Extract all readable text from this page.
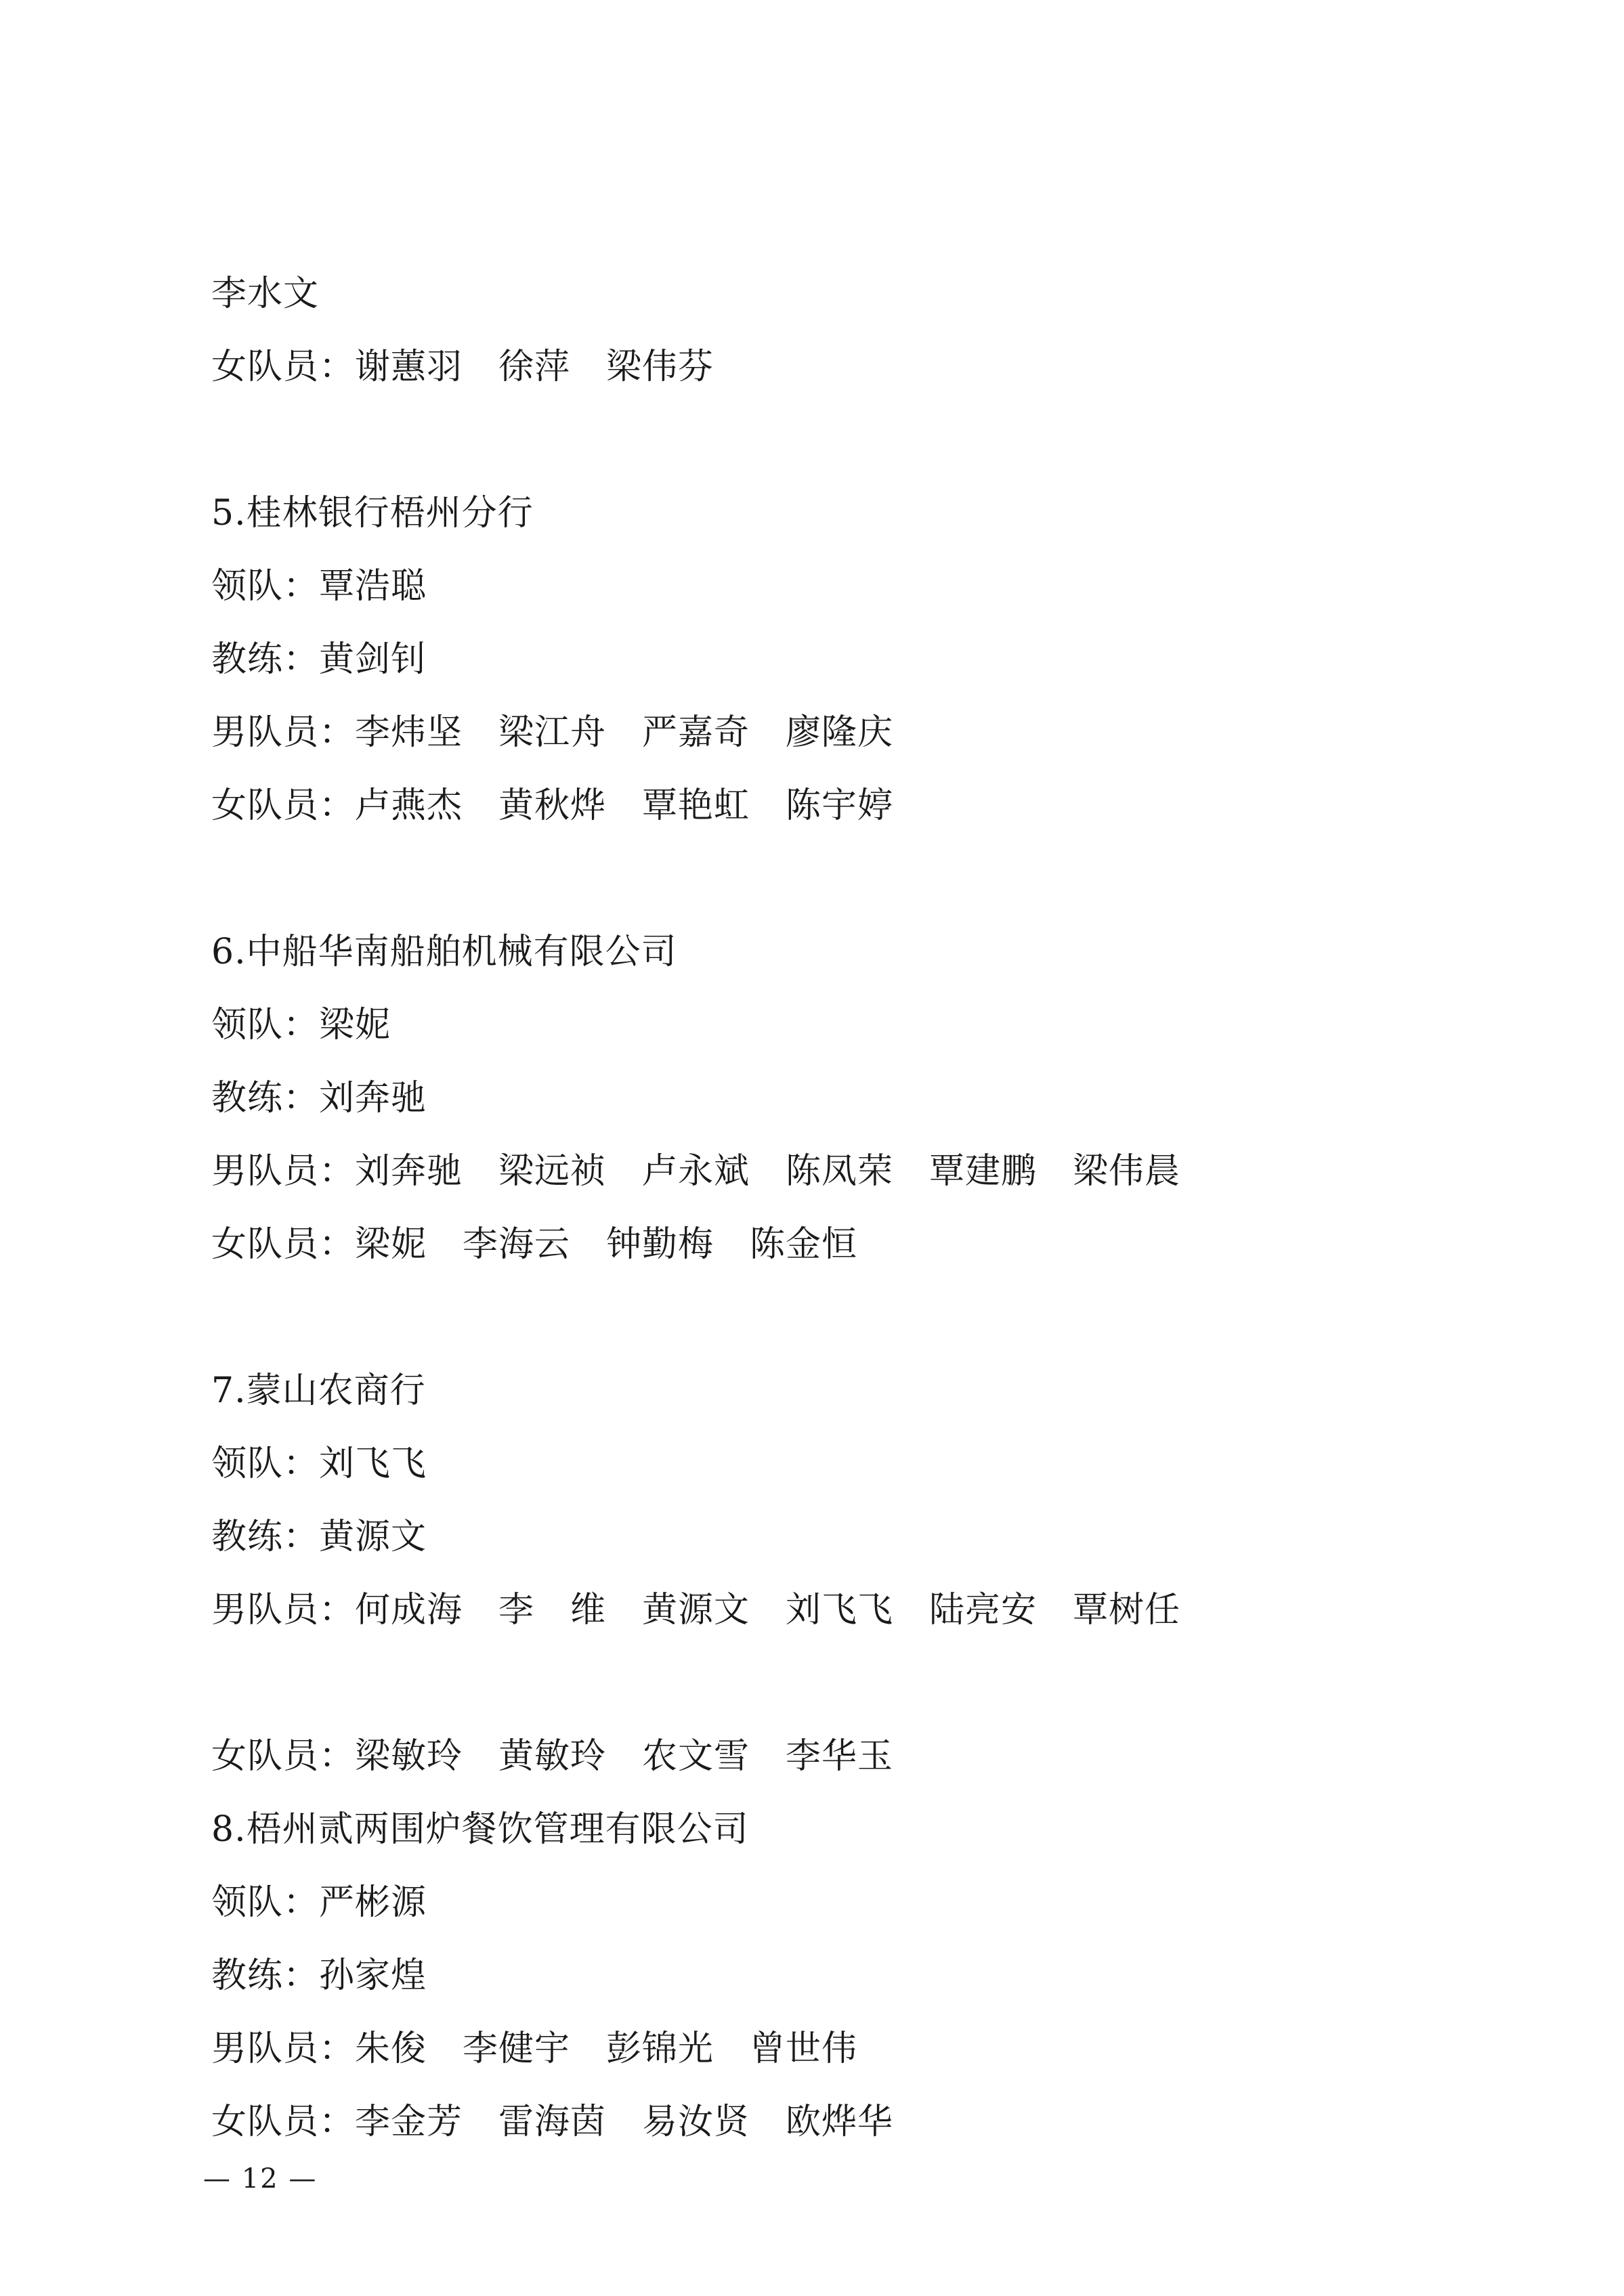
李水文
女队员：谢蕙羽　徐萍　梁伟芬
5.桂林银行梧州分行
领队：覃浩聪
教练：黄剑钊
男队员：李炜坚　梁江舟　严嘉奇　廖隆庆
女队员：卢燕杰　黄秋烨　覃艳虹　陈宇婷
6.中船华南船舶机械有限公司
领队：梁妮
教练：刘奔驰
男队员：刘奔驰　梁远祯　卢永斌　陈凤荣　覃建鹏　梁伟晨
女队员：梁妮　李海云　钟勤梅　陈金恒
7.蒙山农商行
领队：刘飞飞
教练：黄源文
男队员：何成海　李　维　黄源文　刘飞飞　陆亮安　覃树任
女队员：梁敏玲　黄敏玲　农文雪　李华玉
8.梧州贰两围炉餐饮管理有限公司
领队：严彬源
教练：孙家煌
男队员：朱俊　李健宇　彭锦光　曾世伟
女队员：李金芳　雷海茵　易汝贤　欧烨华
— 12 —
